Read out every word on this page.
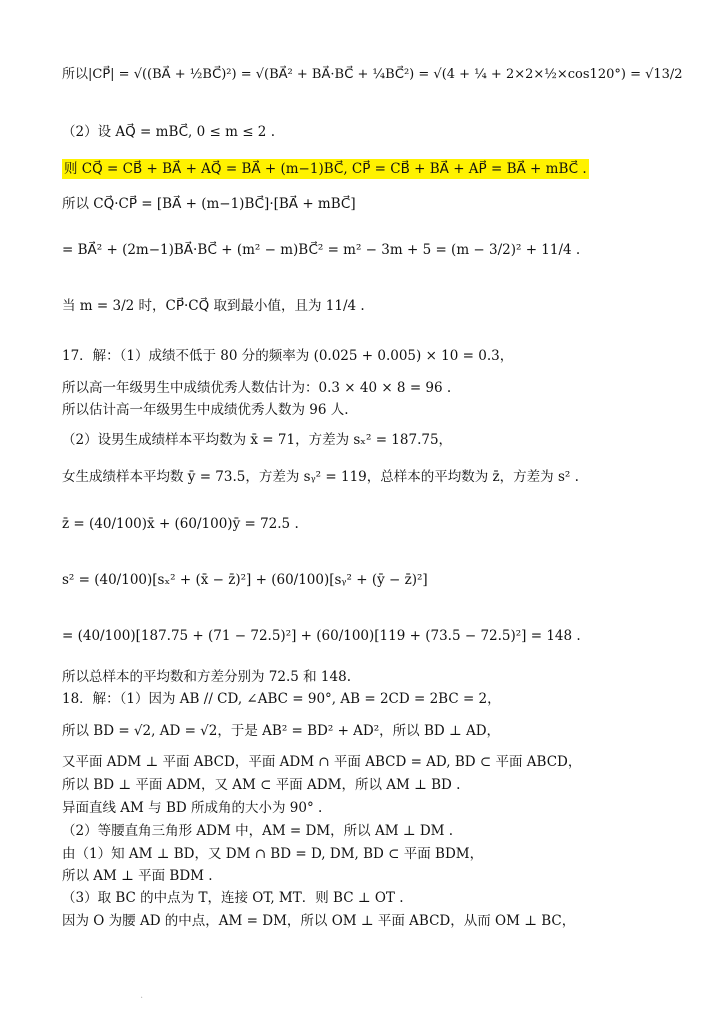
所以|CP⃗| = √((BA⃗ + ½BC⃗)²) = √(BA⃗² + BA⃗·BC⃗ + ¼BC⃗²) = √(4 + ¼ + 2×2×½×cos120°) = √13/2
（2）设 AQ⃗ = mBC⃗, 0 ≤ m ≤ 2 .
则 CQ⃗ = CB⃗ + BA⃗ + AQ⃗ = BA⃗ + (m−1)BC⃗, CP⃗ = CB⃗ + BA⃗ + AP⃗ = BA⃗ + mBC⃗ .
所以 CQ⃗·CP⃗ = [BA⃗ + (m−1)BC⃗]·[BA⃗ + mBC⃗]
= BA⃗² + (2m−1)BA⃗·BC⃗ + (m² − m)BC⃗² = m² − 3m + 5 = (m − 3/2)² + 11/4 .
当 m = 3/2 时，CP⃗·CQ⃗ 取到最小值，且为 11/4 .
17．解：（1）成绩不低于 80 分的频率为 (0.025 + 0.005) × 10 = 0.3，
所以高一年级男生中成绩优秀人数估计为：0.3 × 40 × 8 = 96 .
所以估计高一年级男生中成绩优秀人数为 96 人.
（2）设男生成绩样本平均数为 x̄ = 71，方差为 sₓ² = 187.75，
女生成绩样本平均数 ȳ = 73.5，方差为 sᵧ² = 119，总样本的平均数为 z̄，方差为 s² .
z̄ = (40/100)x̄ + (60/100)ȳ = 72.5 .
s² = (40/100)[sₓ² + (x̄ − z̄)²] + (60/100)[sᵧ² + (ȳ − z̄)²]
= (40/100)[187.75 + (71 − 72.5)²] + (60/100)[119 + (73.5 − 72.5)²] = 148 .
所以总样本的平均数和方差分别为 72.5 和 148.
18．解：（1）因为 AB // CD, ∠ABC = 90°, AB = 2CD = 2BC = 2，
所以 BD = √2, AD = √2，于是 AB² = BD² + AD²，所以 BD ⊥ AD，
又平面 ADM ⊥ 平面 ABCD，平面 ADM ∩ 平面 ABCD = AD, BD ⊂ 平面 ABCD，
所以 BD ⊥ 平面 ADM，又 AM ⊂ 平面 ADM，所以 AM ⊥ BD .
异面直线 AM 与 BD 所成角的大小为 90° .
（2）等腰直角三角形 ADM 中，AM = DM，所以 AM ⊥ DM .
由（1）知 AM ⊥ BD，又 DM ∩ BD = D, DM, BD ⊂ 平面 BDM，
所以 AM ⊥ 平面 BDM .
（3）取 BC 的中点为 T，连接 OT, MT．则 BC ⊥ OT .
因为 O 为腰 AD 的中点，AM = DM，所以 OM ⊥ 平面 ABCD，从而 OM ⊥ BC，
.
